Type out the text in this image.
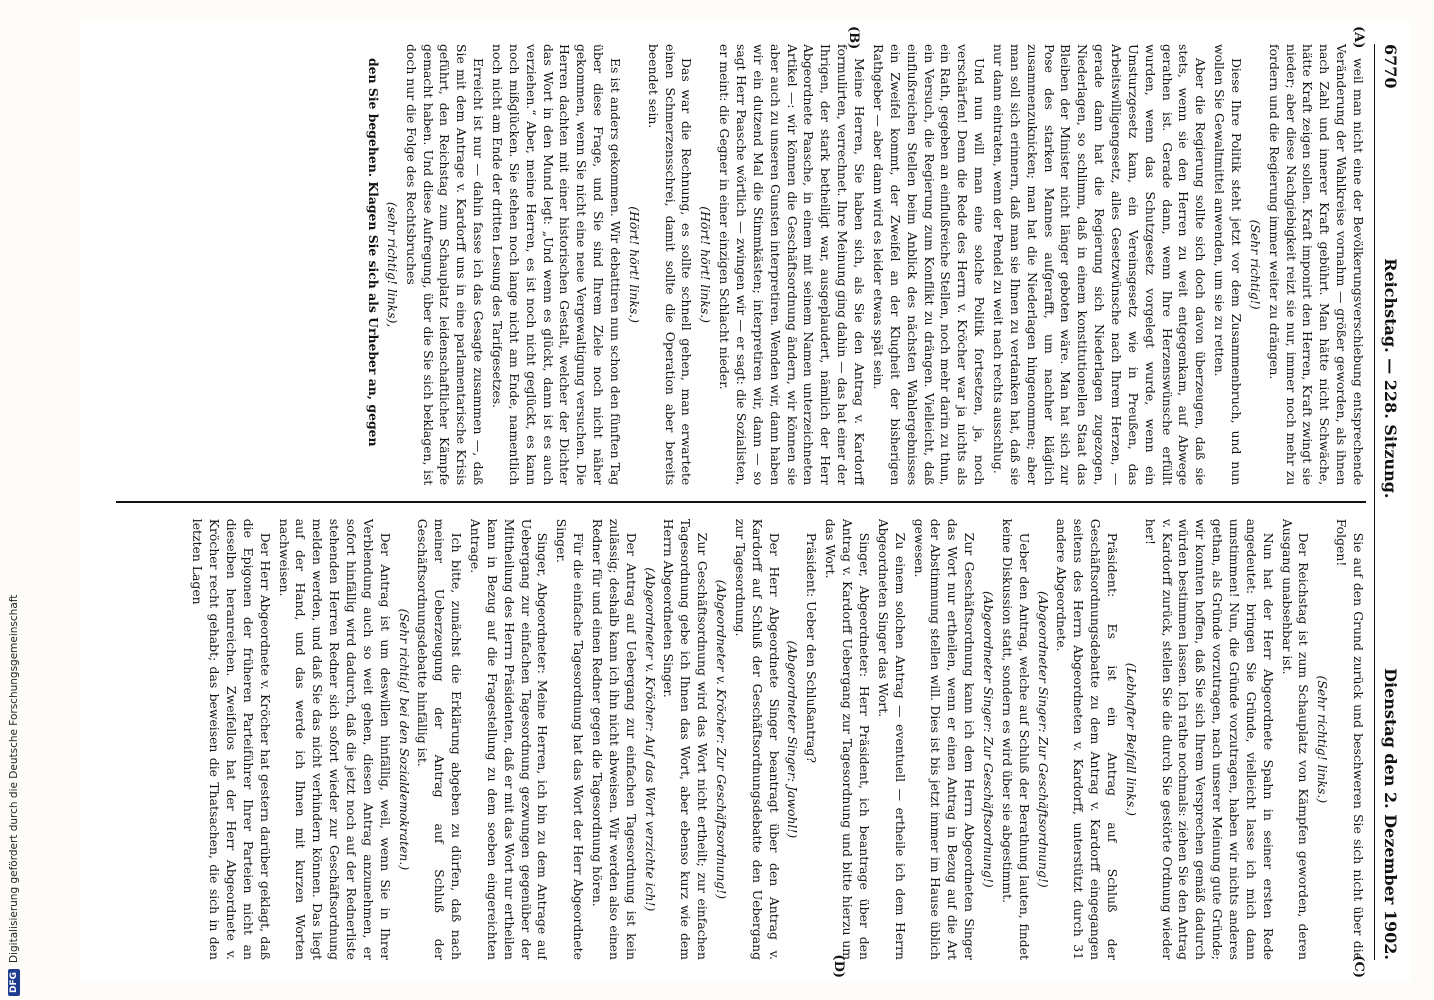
DFG
Digitalisierung gefördert durch die Deutsche Forschungsgemeinschaft
6770
Reichstag. — 228. Sitzung.
Dienstag den 2. Dezember 1902.
(A)
(B)
(C)
(D)

weil man nicht eine der Bevölkerungsverschiebung entsprechende Veränderung der Wahlkreise vornahm — größer geworden, als ihnen nach Zahl und innerer Kraft gebührt. Man hätte nicht Schwäche, hätte Kraft zeigen sollen. Kraft imponirt den Herren, Kraft zwingt sie nieder; aber diese Nachgiebigkeit reizt sie nur, immer noch mehr zu fordern und die Regierung immer weiter zu drängen.

(Sehr richtig!)

Diese Ihre Politik steht jetzt vor dem Zusammenbruch, und nun wollen Sie Gewaltmittel anwenden, um sie zu retten.

Aber die Regierung sollte sich doch davon überzeugen, daß sie stets, wenn sie den Herren zu weit entgegenkam, auf Abwege gerathen ist. Gerade dann, wenn Ihre Herzenswünsche erfüllt wurden, wenn das Schutzgesetz vorgelegt wurde, wenn ein Umsturzgesetz kam, ein Vereinsgesetz wie in Preußen, das Arbeitswilligengesetz, alles Gesetzwünsche nach Ihrem Herzen, — gerade dann hat die Regierung sich Niederlagen zugezogen, Niederlagen, so schlimm, daß in einem konstitutionellen Staat das Bleiben der Minister nicht länger geboten wäre. Man hat sich zur Pose des starken Mannes aufgerafft, um nachher kläglich zusammenzuknicken; man hat die Niederlagen hingenommen; aber man soll sich erinnern, daß man sie Ihnen zu verdanken hat, daß sie nur dann eintraten, wenn der Pendel zu weit nach rechts ausschlug.

Und nun will man eine solche Politik fortsetzen, ja, noch verschärfen! Denn die Rede des Herrn v. Kröcher war ja nichts als ein Rath, gegeben an einflußreiche Stellen, noch mehr darin zu thun, ein Versuch, die Regierung zum Konflikt zu drängen. Vielleicht, daß einflußreichen Stellen beim Anblick des nächsten Wahlergebnisses ein Zweifel kommt, der Zweifel an der Klugheit der bisherigen Rathgeber — aber dann wird es leider etwas spät sein.

Meine Herren, Sie haben sich, als Sie den Antrag v. Kardorff formulirten, verrechnet. Ihre Meinung ging dahin — das hat einer der Ihrigen, der stark betheiligt war, ausgeplaudert, nämlich der Herr Abgeordnete Paasche, in einem mit seinem Namen unterzeichneten Artikel —: wir können die Geschäftsordnung ändern, wir können sie aber auch zu unseren Gunsten interpretiren. Wenden wir, dann haben wir ein dutzend Mal die Stimmkästen; interpretiren wir, dann — so sagt Herr Paasche wörtlich — zwingen wir — er sagt: die Sozialisten, er meint: die Gegner in einer einzigen Schlacht nieder.

(Hört! hört! links.)

Das war die Rechnung, es sollte schnell gehen, man erwartete einen Schmerzensschrei, damit sollte die Operation aber bereits beendet sein.

(Hört! hört! links.)

Es ist anders gekommen. Wir debattiren nun schon den fünften Tag über diese Frage, und Sie sind Ihrem Ziele noch nicht näher gekommen, wenn Sie nicht eine neue Vergewaltigung versuchen. Die Herren dachten mit einer historischen Gestalt, welcher der Dichter das Wort in den Mund legt: „Und wenn es glückt, dann ist es auch verziehen.“ Aber, meine Herren, es ist noch nicht geglückt, es kann noch mißglücken. Sie stehen noch lange nicht am Ende, namentlich noch nicht am Ende der dritten Lesung des Tarifgesetzes.

Erreicht ist nur — dahin fasse ich das Gesagte zusammen —, daß Sie mit dem Antrage v. Kardorff uns in eine parlamentarische Krisis geführt, den Reichstag zum Schauplatz leidenschaftlicher Kämpfe gemacht haben. Und diese Aufregung, über die Sie sich beklagen, ist doch nur die Folge des Rechtsbruches

(sehr richtig! links),

den Sie begehen. Klagen Sie sich als Urheber an, gegen

Sie auf den Grund zurück und beschweren Sie sich nicht über die Folgen!

(Sehr richtig! links.)

Der Reichstag ist zum Schauplatz von Kämpfen geworden, deren Ausgang unabsehbar ist.

Nun hat der Herr Abgeordnete Spahn in seiner ersten Rede angedeutet: bringen Sie Gründe, vielleicht lasse ich mich dann umstimmen! Nun, die Gründe vorzutragen, haben wir nichts anderes gethan, als Gründe vorzutragen, nach unserer Meinung gute Gründe; wir konnten hoffen, daß Sie sich Ihrem Versprechen gemäß dadurch würden bestimmen lassen. Ich rathe nochmals: ziehen Sie den Antrag v. Kardorff zurück, stellen Sie die durch Sie gestörte Ordnung wieder her!

(Lebhafter Beifall links.)

Präsident: Es ist ein Antrag auf Schluß der Geschäftsordnungsdebatte zu dem Antrag v. Kardorff eingegangen seitens des Herrn Abgeordneten v. Kardorff, unterstützt durch 31 andere Abgeordnete.

(Abgeordneter Singer: Zur Geschäftsordnung!)

Ueber den Antrag, welche auf Schluß der Berathung lauten, findet keine Diskussion statt, sondern es wird über sie abgestimmt.

(Abgeordneter Singer: Zur Geschäftsordnung!)

Zur Geschäftsordnung kann ich dem Herrn Abgeordneten Singer das Wort nur ertheilen, wenn er einen Antrag in Bezug auf die Art der Abstimmung stellen will. Dies ist bis jetzt immer im Hause üblich gewesen.

Zu einem solchen Antrag — eventuell — ertheile ich dem Herrn Abgeordneten Singer das Wort.

Singer, Abgeordneter: Herr Präsident, ich beantrage über den Antrag v. Kardorff Uebergang zur Tagesordnung und bitte hierzu um das Wort.

Präsident: Ueber den Schlußantrag?

(Abgeordneter Singer: Jawohl!)

Der Herr Abgeordnete Singer beantragt über den Antrag v. Kardorff auf Schluß der Geschäftsordnungsdebatte den Uebergang zur Tagesordnung.

(Abgeordneter v. Kröcher: Zur Geschäftsordnung!)

Zur Geschäftsordnung wird das Wort nicht ertheilt; zur einfachen Tagesordnung gebe ich Ihnen das Wort, aber ebenso kurz wie dem Herrn Abgeordneten Singer.

(Abgeordneter v. Kröcher: Auf das Wort verzichte ich!)

Der Antrag auf Uebergang zur einfachen Tagesordnung ist kein zulässig; deshalb kann ich ihn nicht abweisen. Wir werden also einen Redner für und einen Redner gegen die Tagesordnung hören.

Für die einfache Tagesordnung hat das Wort der Herr Abgeordnete Singer.

Singer, Abgeordneter: Meine Herren, ich bin zu dem Antrage auf Uebergang zur einfachen Tagesordnung gezwungen gegenüber der Mittheilung des Herrn Präsidenten, daß er mit das Wort nur ertheilen kann in Bezug auf die Fragestellung zu dem soeben eingereichten Antrage.

Ich bitte, zunächst die Erklärung abgeben zu dürfen, daß nach meiner Ueberzeugung der Antrag auf Schluß der Geschäftsordnungsdebatte hinfällig ist.

(Sehr richtig! bei den Sozialdemokraten.)

Der Antrag ist um deswillen hinfällig, weil, wenn Sie in Ihrer Verblendung auch so weit gehen, diesen Antrag anzunehmen, er sofort hinfällig wird dadurch, daß die jetzt noch auf der Rednerliste stehenden Herren Redner sich sofort wieder zur Geschäftsordnung melden werden, und daß Sie das nicht verhindern können. Das liegt auf der Hand, und das werde ich Ihnen mit kurzen Worten nachweisen.

Der Herr Abgeordnete v. Kröcher hat gestern darüber geklagt, daß die Epigonen der früheren Parteiführer Ihrer Parteien nicht an dieselben heranreichen. Zweifellos hat der Herr Abgeordnete v. Kröcher recht gehabt; das beweisen die Thatsachen, die sich in den letzten Lagen
